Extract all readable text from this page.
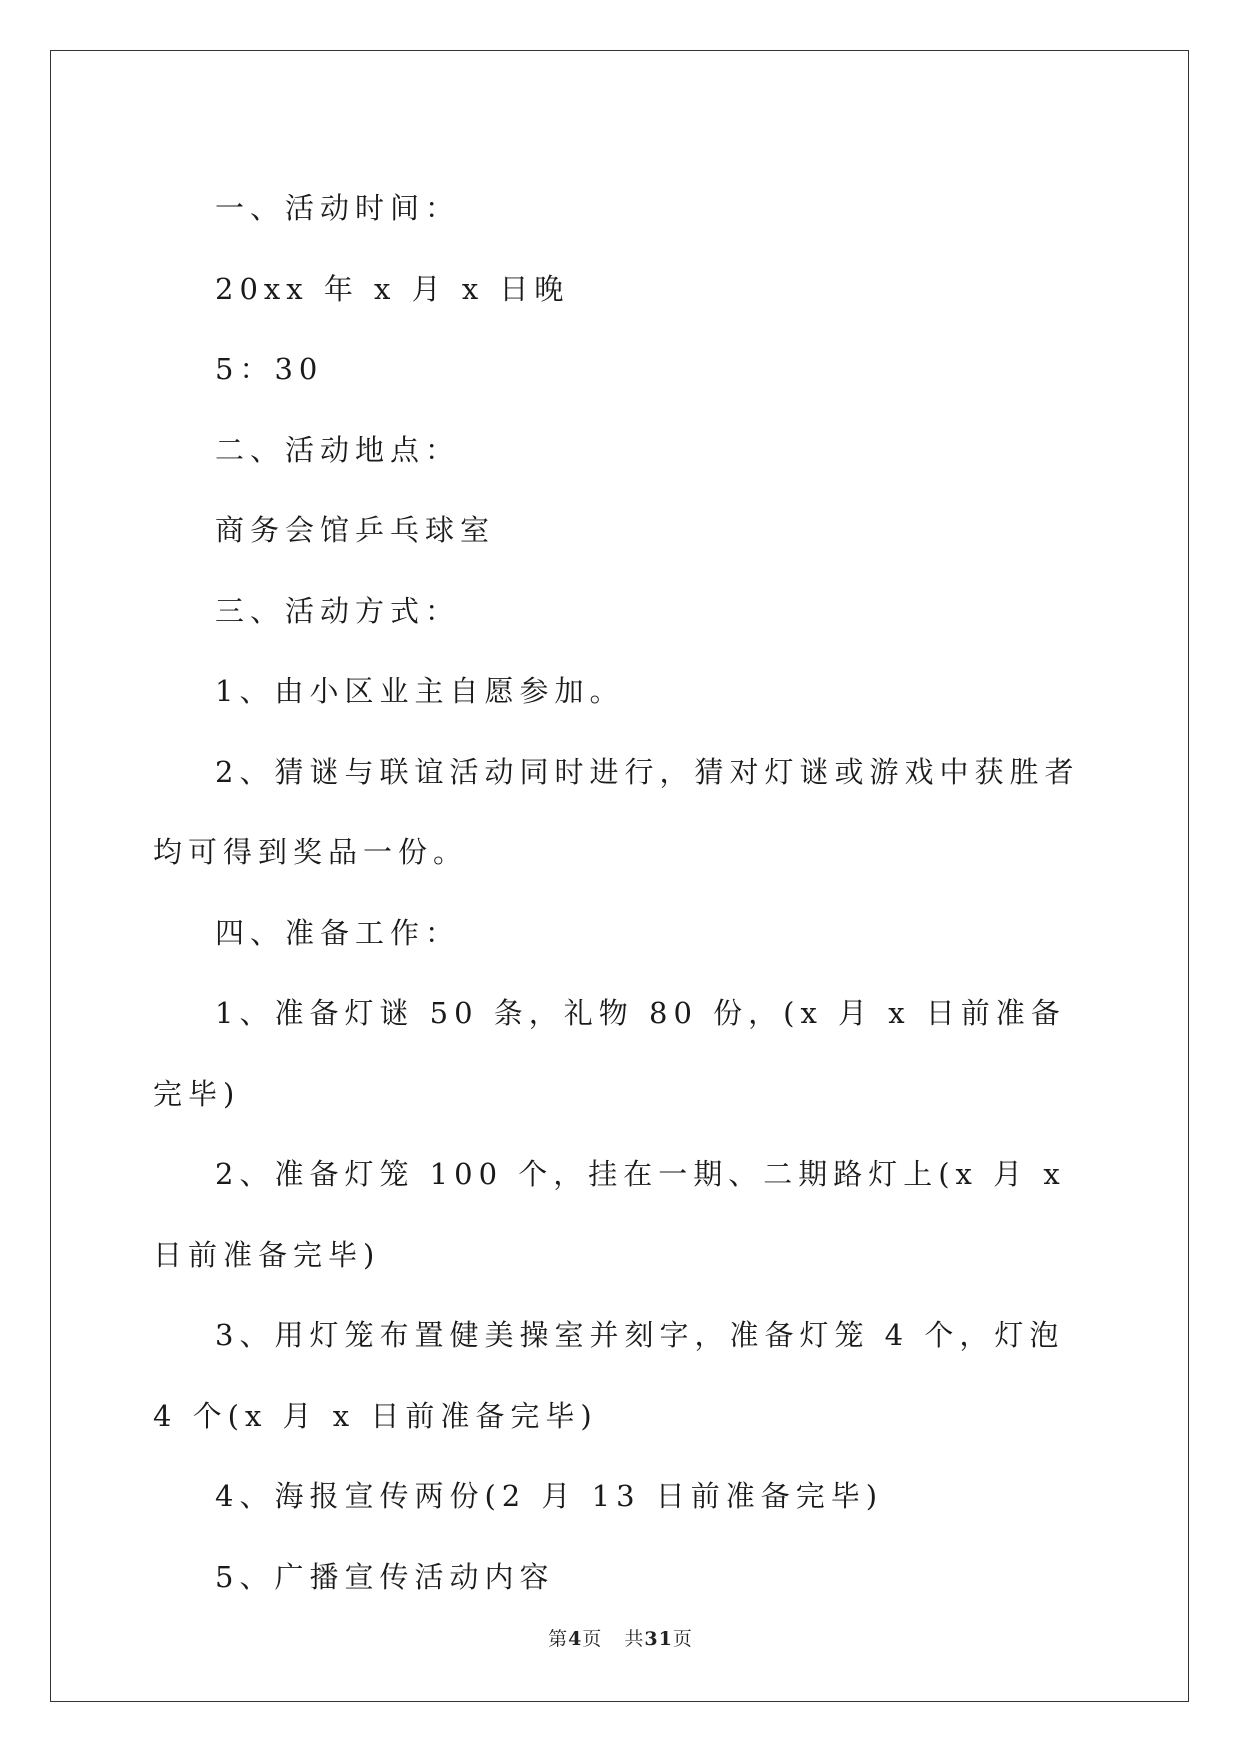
一、活动时间：

20xx 年 x 月 x 日晚

5：30

二、活动地点：

商务会馆乒乓球室

三、活动方式：

1、由小区业主自愿参加。

2、猜谜与联谊活动同时进行，猜对灯谜或游戏中获胜者均可得到奖品一份。

四、准备工作：

1、准备灯谜 50 条，礼物 80 份，(x 月 x 日前准备完毕)

2、准备灯笼 100 个，挂在一期、二期路灯上(x 月 x 日前准备完毕)

3、用灯笼布置健美操室并刻字，准备灯笼 4 个，灯泡 4 个(x 月 x 日前准备完毕)

4、海报宣传两份(2 月 13 日前准备完毕)

5、广播宣传活动内容

第4页 共31页
